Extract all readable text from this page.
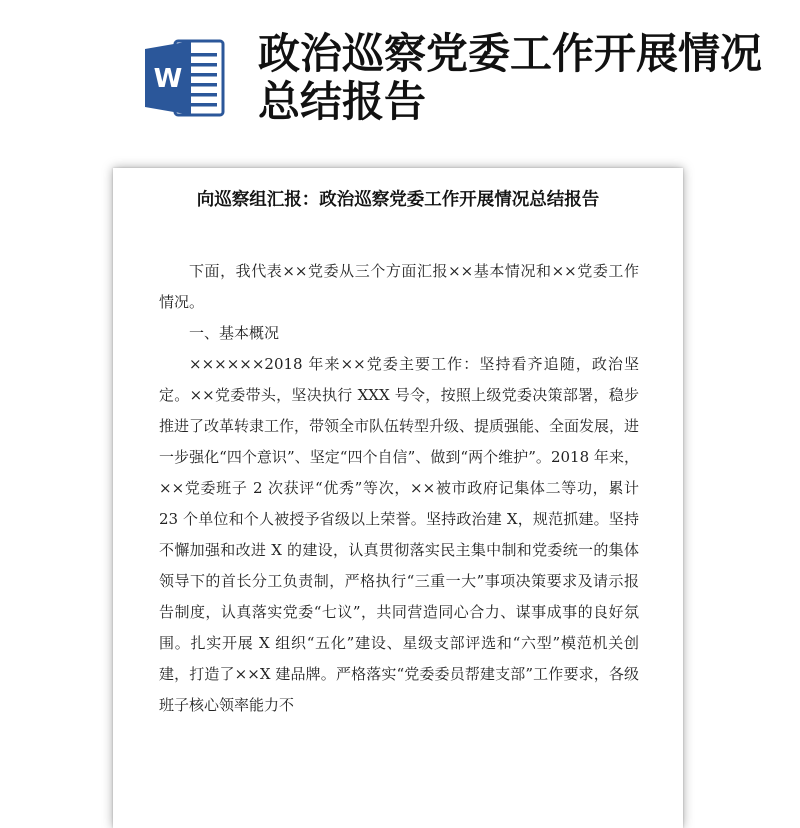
W
政治巡察党委工作开展情况总结报告
向巡察组汇报：政治巡察党委工作开展情况总结报告

下面，我代表××党委从三个方面汇报××基本情况和××党委工作情况。

一、基本概况

××××××2018 年来××党委主要工作：坚持看齐追随，政治坚定。××党委带头，坚决执行 XXX 号令，按照上级党委决策部署，稳步推进了改革转隶工作，带领全市队伍转型升级、提质强能、全面发展，进一步强化“四个意识”、坚定“四个自信”、做到“两个维护”。2018 年来，××党委班子 2 次获评“优秀”等次，××被市政府记集体二等功，累计 23 个单位和个人被授予省级以上荣誉。坚持政治建 X，规范抓建。坚持不懈加强和改进 X 的建设，认真贯彻落实民主集中制和党委统一的集体领导下的首长分工负责制，严格执行“三重一大”事项决策要求及请示报告制度，认真落实党委“七议”，共同营造同心合力、谋事成事的良好氛围。扎实开展 X 组织“五化”建设、星级支部评选和“六型”模范机关创建，打造了××X 建品牌。严格落实“党委委员帮建支部”工作要求，各级班子核心领率能力不
